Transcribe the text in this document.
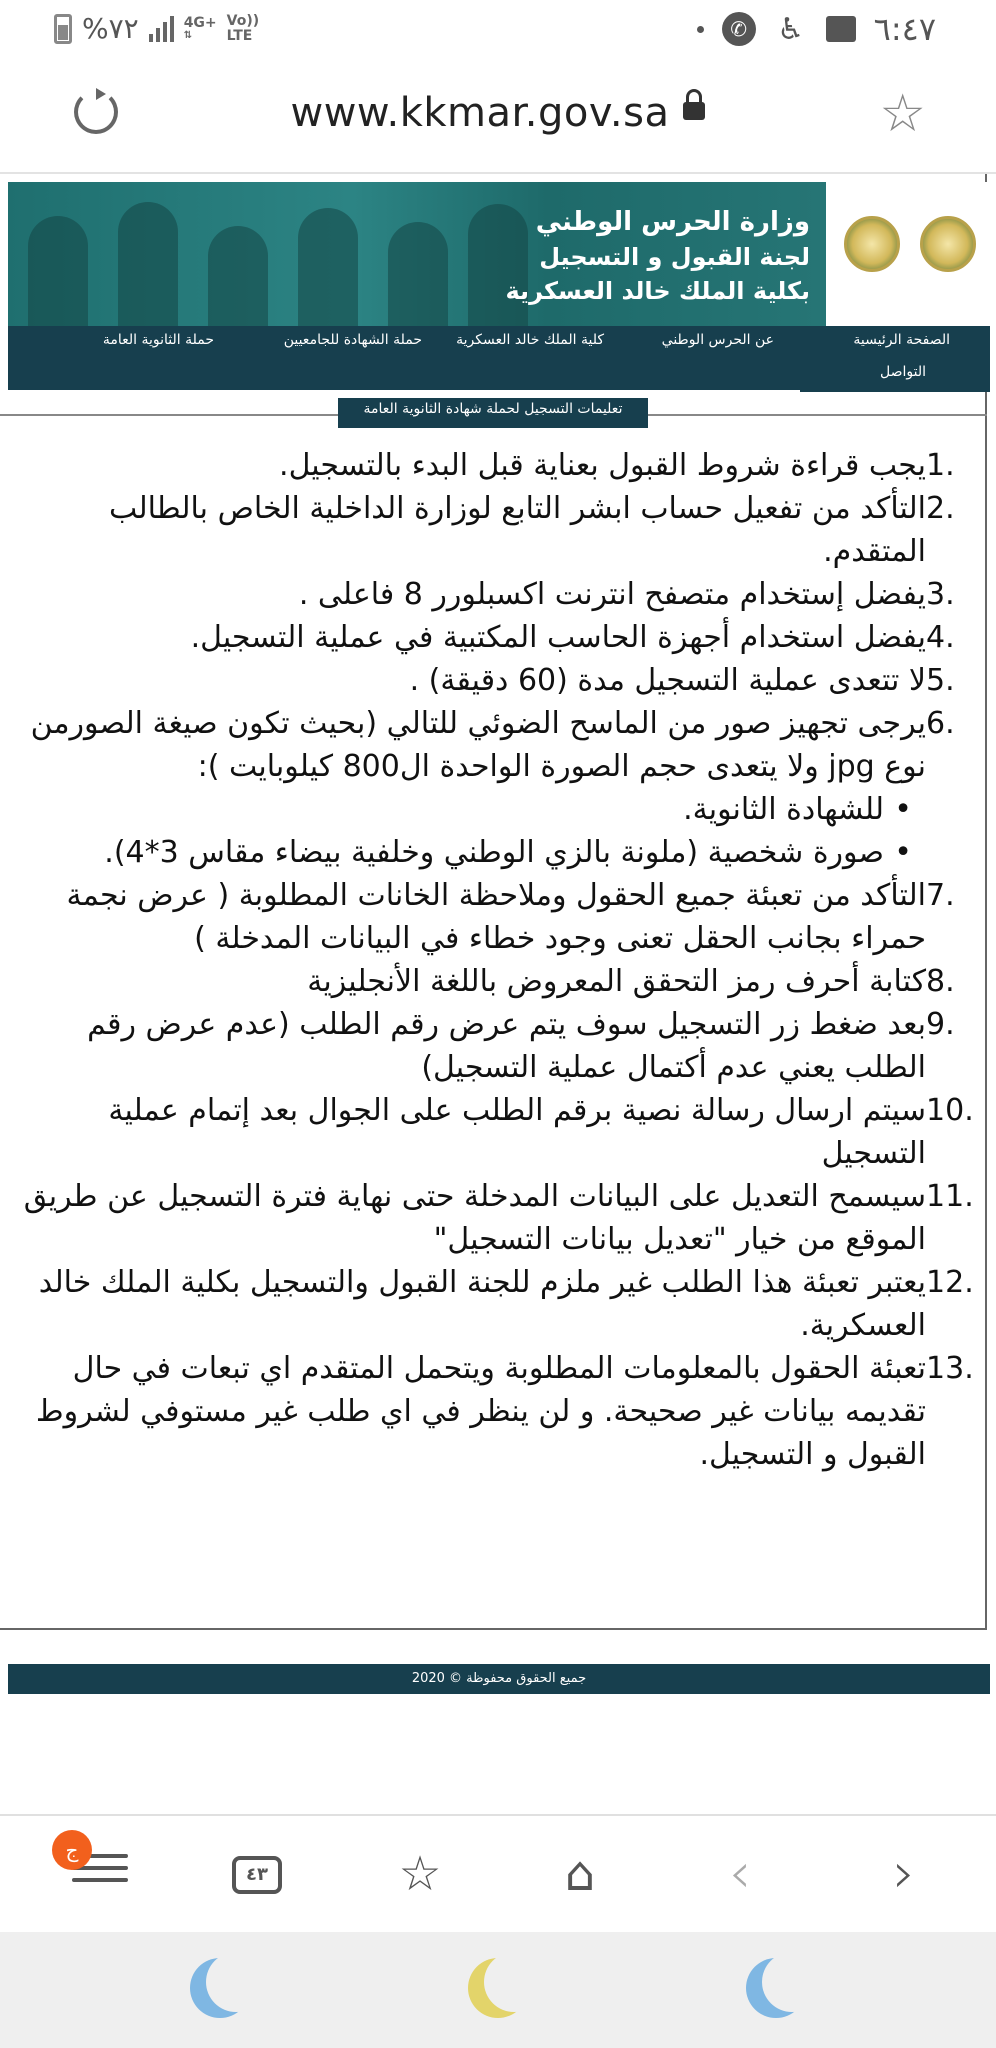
%٧٢	4G+
⇅
Vo))
LTE	✆ ♿ ٦:٤٧
www.kkmar.gov.sa	☆
وزارة الحرس الوطني
لجنة القبول و التسجيل
بكلية الملك خالد العسكرية
الصفحة الرئيسية
عن الحرس الوطني
كلية الملك خالد العسكرية
حملة الشهادة للجامعيين
حملة الثانوية العامة
التواصل
تعليمات التسجيل لحملة شهادة الثانوية العامة
.1
يجب قراءة شروط القبول بعناية قبل البدء بالتسجيل.
.2
التأكد من تفعيل حساب ابشر التابع لوزارة الداخلية الخاص بالطالب المتقدم.
.3
يفضل إستخدام متصفح انترنت اكسبلورر 8 فاعلى .
.4
يفضل استخدام أجهزة الحاسب المكتبية في عملية التسجيل.
.5
لا تتعدى عملية التسجيل مدة (60 دقيقة) .
.6
يرجى تجهيز صور من الماسح الضوئي للتالي (بحيث تكون صيغة الصورمن نوع jpg ولا يتعدى حجم الصورة الواحدة ال800 كيلوبايت ):
• للشهادة الثانوية.
• صورة شخصية (ملونة بالزي الوطني وخلفية بيضاء مقاس 3*4).
.7
التأكد من تعبئة جميع الحقول وملاحظة الخانات المطلوبة ( عرض نجمة حمراء بجانب الحقل تعنى وجود خطاء في البيانات المدخلة )
.8
كتابة أحرف رمز التحقق المعروض باللغة الأنجليزية
.9
بعد ضغط زر التسجيل سوف يتم عرض رقم الطلب (عدم عرض رقم الطلب يعني عدم أكتمال عملية التسجيل)
.10
سيتم ارسال رسالة نصية برقم الطلب على الجوال بعد إتمام عملية التسجيل
.11
سيسمح التعديل على البيانات المدخلة حتى نهاية فترة التسجيل عن طريق الموقع من خيار "تعديل بيانات التسجيل"
.12
يعتبر تعبئة هذا الطلب غير ملزم للجنة القبول والتسجيل بكلية الملك خالد العسكرية.
.13
تعبئة الحقول بالمعلومات المطلوبة ويتحمل المتقدم اي تبعات في حال تقديمه بيانات غير صحيحة. و لن ينظر في اي طلب غير مستوفي لشروط القبول و التسجيل.
جميع الحقوق محفوظة © 2020
ج
٤٣	☆	⌂ ‹	›
